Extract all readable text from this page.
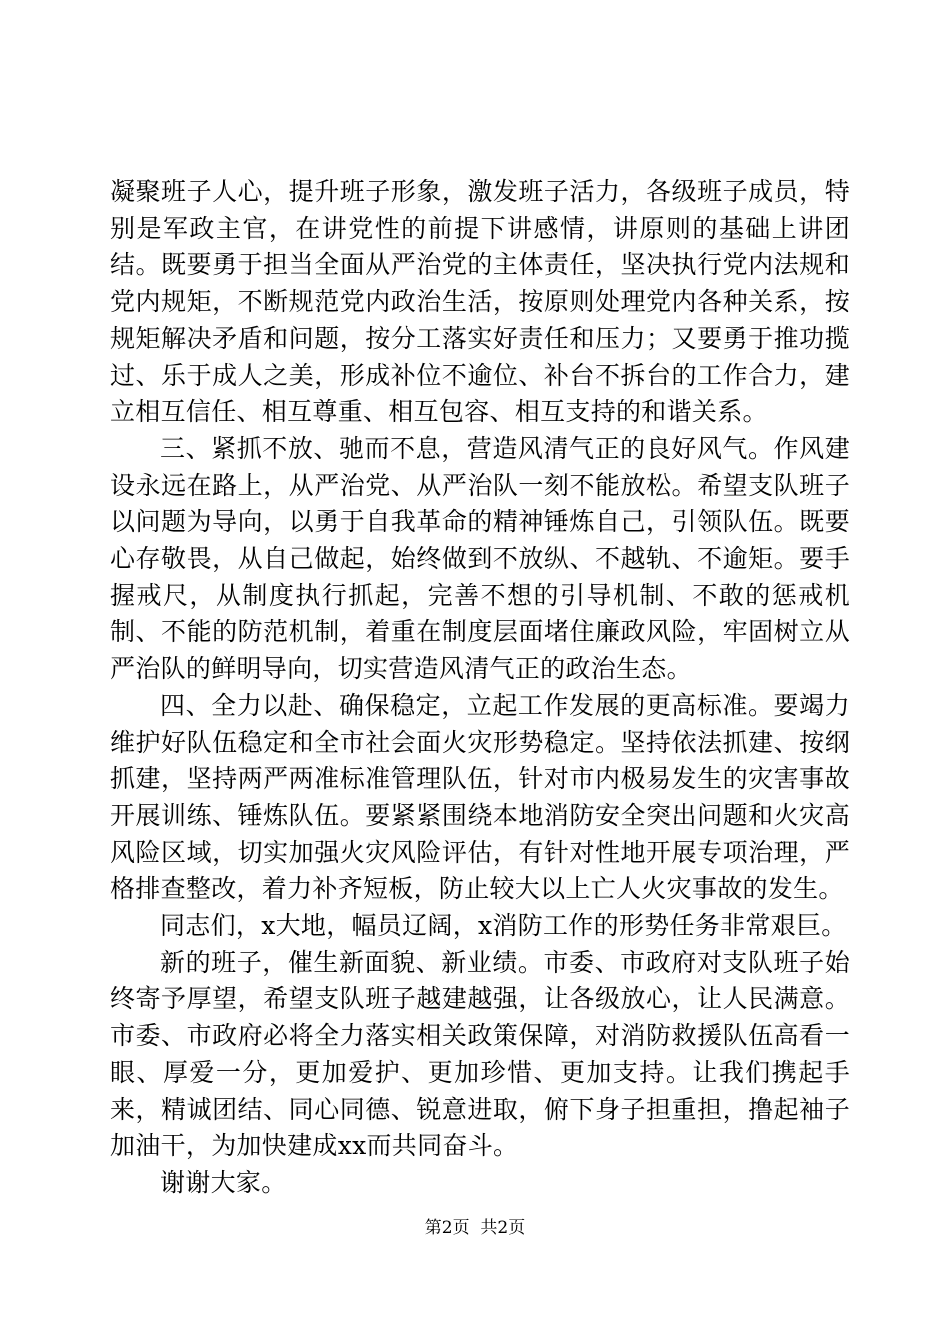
凝聚班子人心，提升班子形象，激发班子活力，各级班子成员，特别是军政主官，在讲党性的前提下讲感情，讲原则的基础上讲团结。既要勇于担当全面从严治党的主体责任，坚决执行党内法规和党内规矩，不断规范党内政治生活，按原则处理党内各种关系，按规矩解决矛盾和问题，按分工落实好责任和压力；又要勇于推功揽过、乐于成人之美，形成补位不逾位、补台不拆台的工作合力，建立相互信任、相互尊重、相互包容、相互支持的和谐关系。

三、紧抓不放、驰而不息，营造风清气正的良好风气。作风建设永远在路上，从严治党、从严治队一刻不能放松。希望支队班子以问题为导向，以勇于自我革命的精神锤炼自己，引领队伍。既要心存敬畏，从自己做起，始终做到不放纵、不越轨、不逾矩。要手握戒尺，从制度执行抓起，完善不想的引导机制、不敢的惩戒机制、不能的防范机制，着重在制度层面堵住廉政风险，牢固树立从严治队的鲜明导向，切实营造风清气正的政治生态。

四、全力以赴、确保稳定，立起工作发展的更高标准。要竭力维护好队伍稳定和全市社会面火灾形势稳定。坚持依法抓建、按纲抓建，坚持两严两准标准管理队伍，针对市内极易发生的灾害事故开展训练、锤炼队伍。要紧紧围绕本地消防安全突出问题和火灾高风险区域，切实加强火灾风险评估，有针对性地开展专项治理，严格排查整改，着力补齐短板，防止较大以上亡人火灾事故的发生。

同志们，x大地，幅员辽阔，x消防工作的形势任务非常艰巨。

新的班子，催生新面貌、新业绩。市委、市政府对支队班子始终寄予厚望，希望支队班子越建越强，让各级放心，让人民满意。市委、市政府必将全力落实相关政策保障，对消防救援队伍高看一眼、厚爱一分，更加爱护、更加珍惜、更加支持。让我们携起手来，精诚团结、同心同德、锐意进取，俯下身子担重担，撸起袖子加油干，为加快建成xx而共同奋斗。

谢谢大家。

第2页  共2页
